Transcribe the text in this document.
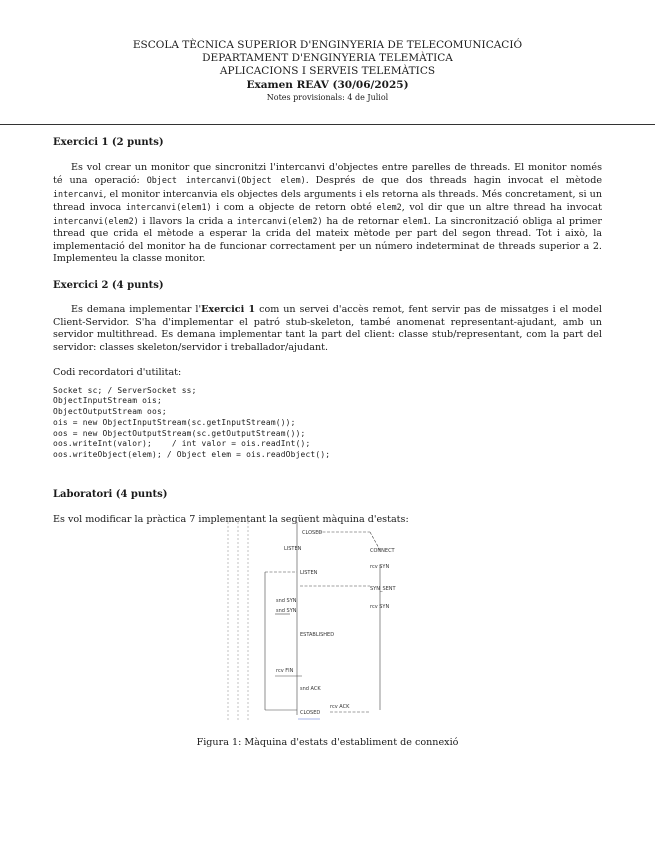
ESCOLA TÈCNICA SUPERIOR D'ENGINYERIA DE TELECOMUNICACIÓ
DEPARTAMENT D'ENGINYERIA TELEMÀTICA
APLICACIONS I SERVEIS TELEMÀTICS
Examen REAV (30/06/2025)
Notes provisionals: 4 de Juliol
Exercici 1 (2 punts)

Es vol crear un monitor que sincronitzi l'intercanvi d'objectes entre parelles de threads. El monitor només té una operació: Object intercanvi(Object elem). Després de que dos threads hagin invocat el mètode intercanvi, el monitor intercanvia els objectes dels arguments i els retorna als threads. Més concretament, si un thread invoca intercanvi(elem1) i com a objecte de retorn obté elem2, vol dir que un altre thread ha invocat intercanvi(elem2) i llavors la crida a intercanvi(elem2) ha de retornar elem1. La sincronització obliga al primer thread que crida el mètode a esperar la crida del mateix mètode per part del segon thread. Tot i això, la implementació del monitor ha de funcionar correctament per un número indeterminat de threads superior a 2. Implementeu la classe monitor.

Exercici 2 (4 punts)

Es demana implementar l'Exercici 1 com un servei d'accès remot, fent servir pas de missatges i el model Client-Servidor. S'ha d'implementar el patró stub-skeleton, també anomenat representant-ajudant, amb un servidor multithread. Es demana implementar tant la part del client: classe stub/representant, com la part del servidor: classes skeleton/servidor i treballador/ajudant.

Codi recordatori d'utilitat:

Socket sc; / ServerSocket ss;
ObjectInputStream ois;
ObjectOutputStream oos;
ois = new ObjectInputStream(sc.getInputStream());
oos = new ObjectOutputStream(sc.getOutputStream());
oos.writeInt(valor);    / int valor = ois.readInt();
oos.writeObject(elem); / Object elem = ois.readObject();
Laboratori (4 punts)

Es vol modificar la pràctica 7 implementant la següent màquina d'estats:

CLOSED
LISTEN
LISTEN
CONNECT
SYN_SENT
ESTABLISHED
CLOSED
rcv SYN
snd SYN
snd SYN
rcv SYN
rcv FIN
rcv ACK
snd ACK
Figura 1: Màquina d'estats d'establiment de connexió
